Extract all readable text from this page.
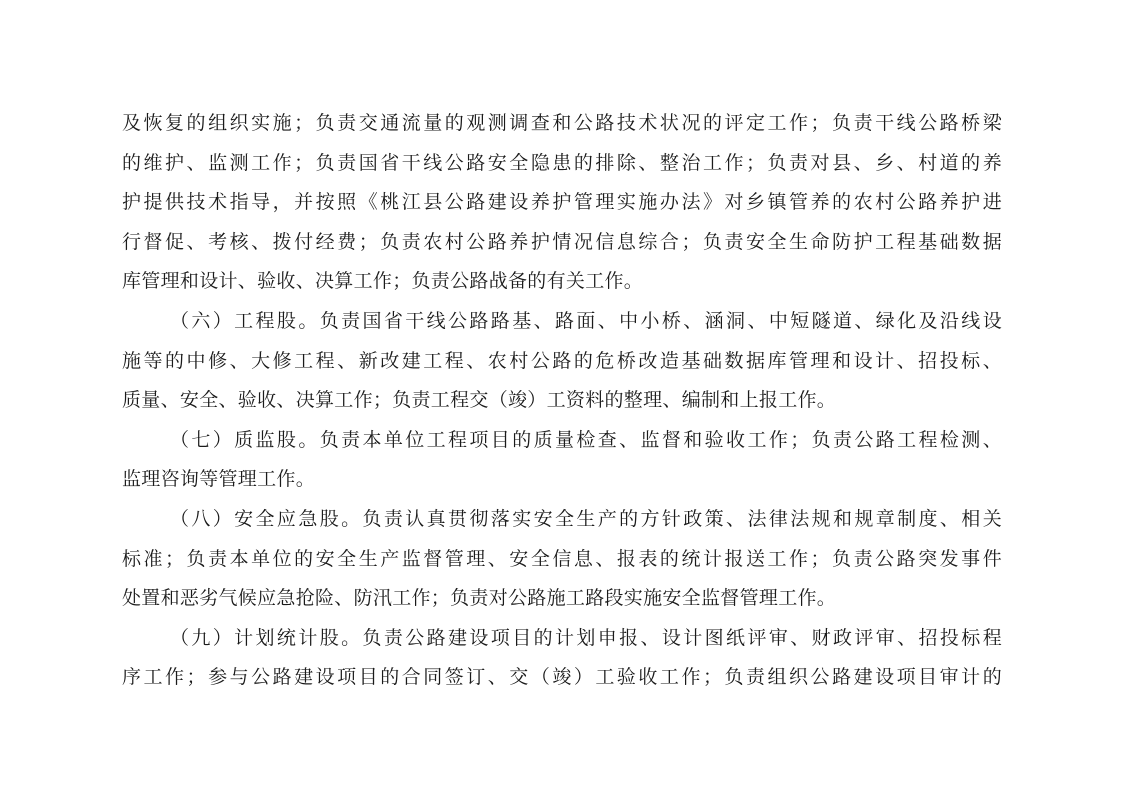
及恢复的组织实施；负责交通流量的观测调查和公路技术状况的评定工作；负责干线公路桥梁
的维护、监测工作；负责国省干线公路安全隐患的排除、整治工作；负责对县、乡、村道的养
护提供技术指导，并按照《桃江县公路建设养护管理实施办法》对乡镇管养的农村公路养护进
行督促、考核、拨付经费；负责农村公路养护情况信息综合；负责安全生命防护工程基础数据
库管理和设计、验收、决算工作；负责公路战备的有关工作。
（六）工程股。负责国省干线公路路基、路面、中小桥、涵洞、中短隧道、绿化及沿线设
施等的中修、大修工程、新改建工程、农村公路的危桥改造基础数据库管理和设计、招投标、
质量、安全、验收、决算工作；负责工程交（竣）工资料的整理、编制和上报工作。
（七）质监股。负责本单位工程项目的质量检查、监督和验收工作；负责公路工程检测、
监理咨询等管理工作。
（八）安全应急股。负责认真贯彻落实安全生产的方针政策、法律法规和规章制度、相关
标准；负责本单位的安全生产监督管理、安全信息、报表的统计报送工作；负责公路突发事件
处置和恶劣气候应急抢险、防汛工作；负责对公路施工路段实施安全监督管理工作。
（九）计划统计股。负责公路建设项目的计划申报、设计图纸评审、财政评审、招投标程
序工作；参与公路建设项目的合同签订、交（竣）工验收工作；负责组织公路建设项目审计的
